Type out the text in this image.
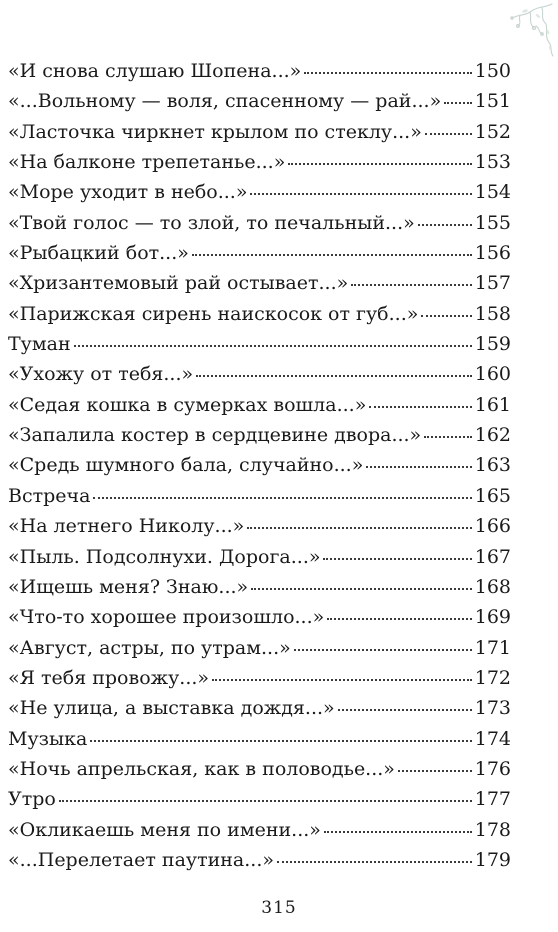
«И снова слушаю Шопена...»	150
«...Вольному — воля, спасенному — рай...» 151
«Ласточка чиркнет крылом по стеклу...»	152
«На балконе трепетанье...»	153
«Море уходит в небо...»	154
«Твой голос — то злой, то печальный...»	155
«Рыбацкий бот...»	156
«Хризантемовый рай остывает...»	157
«Парижская сирень наискосок от губ...»	158
Туман	159
«Ухожу от тебя...»	160
«Седая кошка в сумерках вошла...»	161
«Запалила костер в сердцевине двора...»	162
«Средь шумного бала, случайно...»	163
Встреча	165
«На летнего Николу...»	166
«Пыль. Подсолнухи. Дорога...»	167
«Ищешь меня? Знаю...»	168
«Что-то хорошее произошло...»	169
«Август, астры, по утрам...»	171
«Я тебя провожу...»	172
«Не улица, а выставка дождя...»	173
Музыка	174
«Ночь апрельская, как в половодье...»	176
Утро	177
«Окликаешь меня по имени...»	178
«...Перелетает паутина...»	179
315
